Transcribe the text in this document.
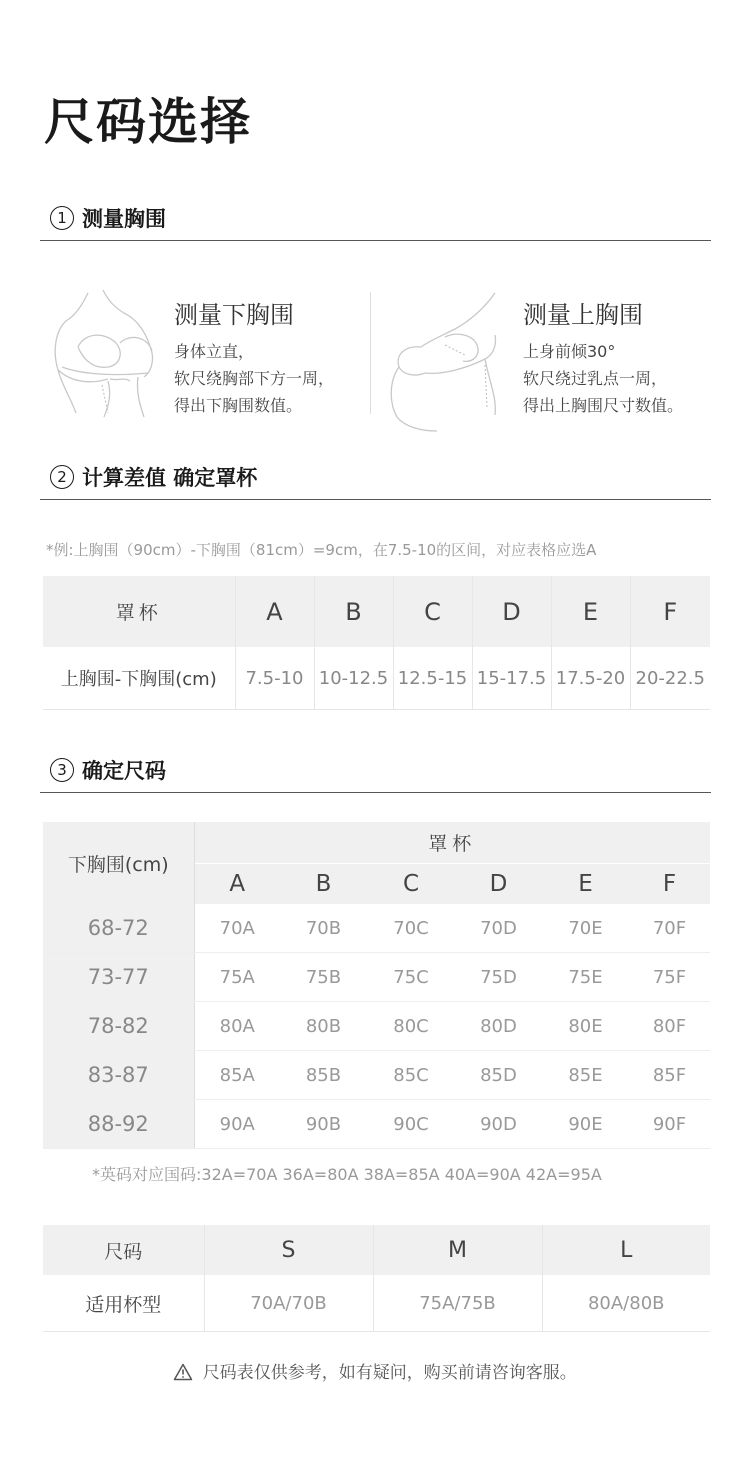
尺码选择
1 测量胸围
测量下胸围
身体立直，
软尺绕胸部下方一周，
得出下胸围数值。
测量上胸围
上身前倾30°
软尺绕过乳点一周，
得出上胸围尺寸数值。
2 计算差值 确定罩杯
*例:上胸围（90cm）-下胸围（81cm）=9cm，在7.5-10的区间，对应表格应选A
罩杯	A	B	C	D	E	F
上胸围-下胸围(cm)	7.5-10	10-12.5	12.5-15	15-17.5	17.5-20	20-22.5
3 确定尺码
下胸围(cm)	罩杯					
	A	B	C	D	E	F
68-72	70A	70B	70C	70D	70E	70F
73-77	75A	75B	75C	75D	75E	75F
78-82	80A	80B	80C	80D	80E	80F
83-87	85A	85B	85C	85D	85E	85F
88-92	90A	90B	90C	90D	90E	90F
*英码对应国码:32A=70A 36A=80A 38A=85A 40A=90A 42A=95A
尺码	S	M	L
适用杯型	70A/70B	75A/75B	80A/80B
尺码表仅供参考，如有疑问，购买前请咨询客服。
